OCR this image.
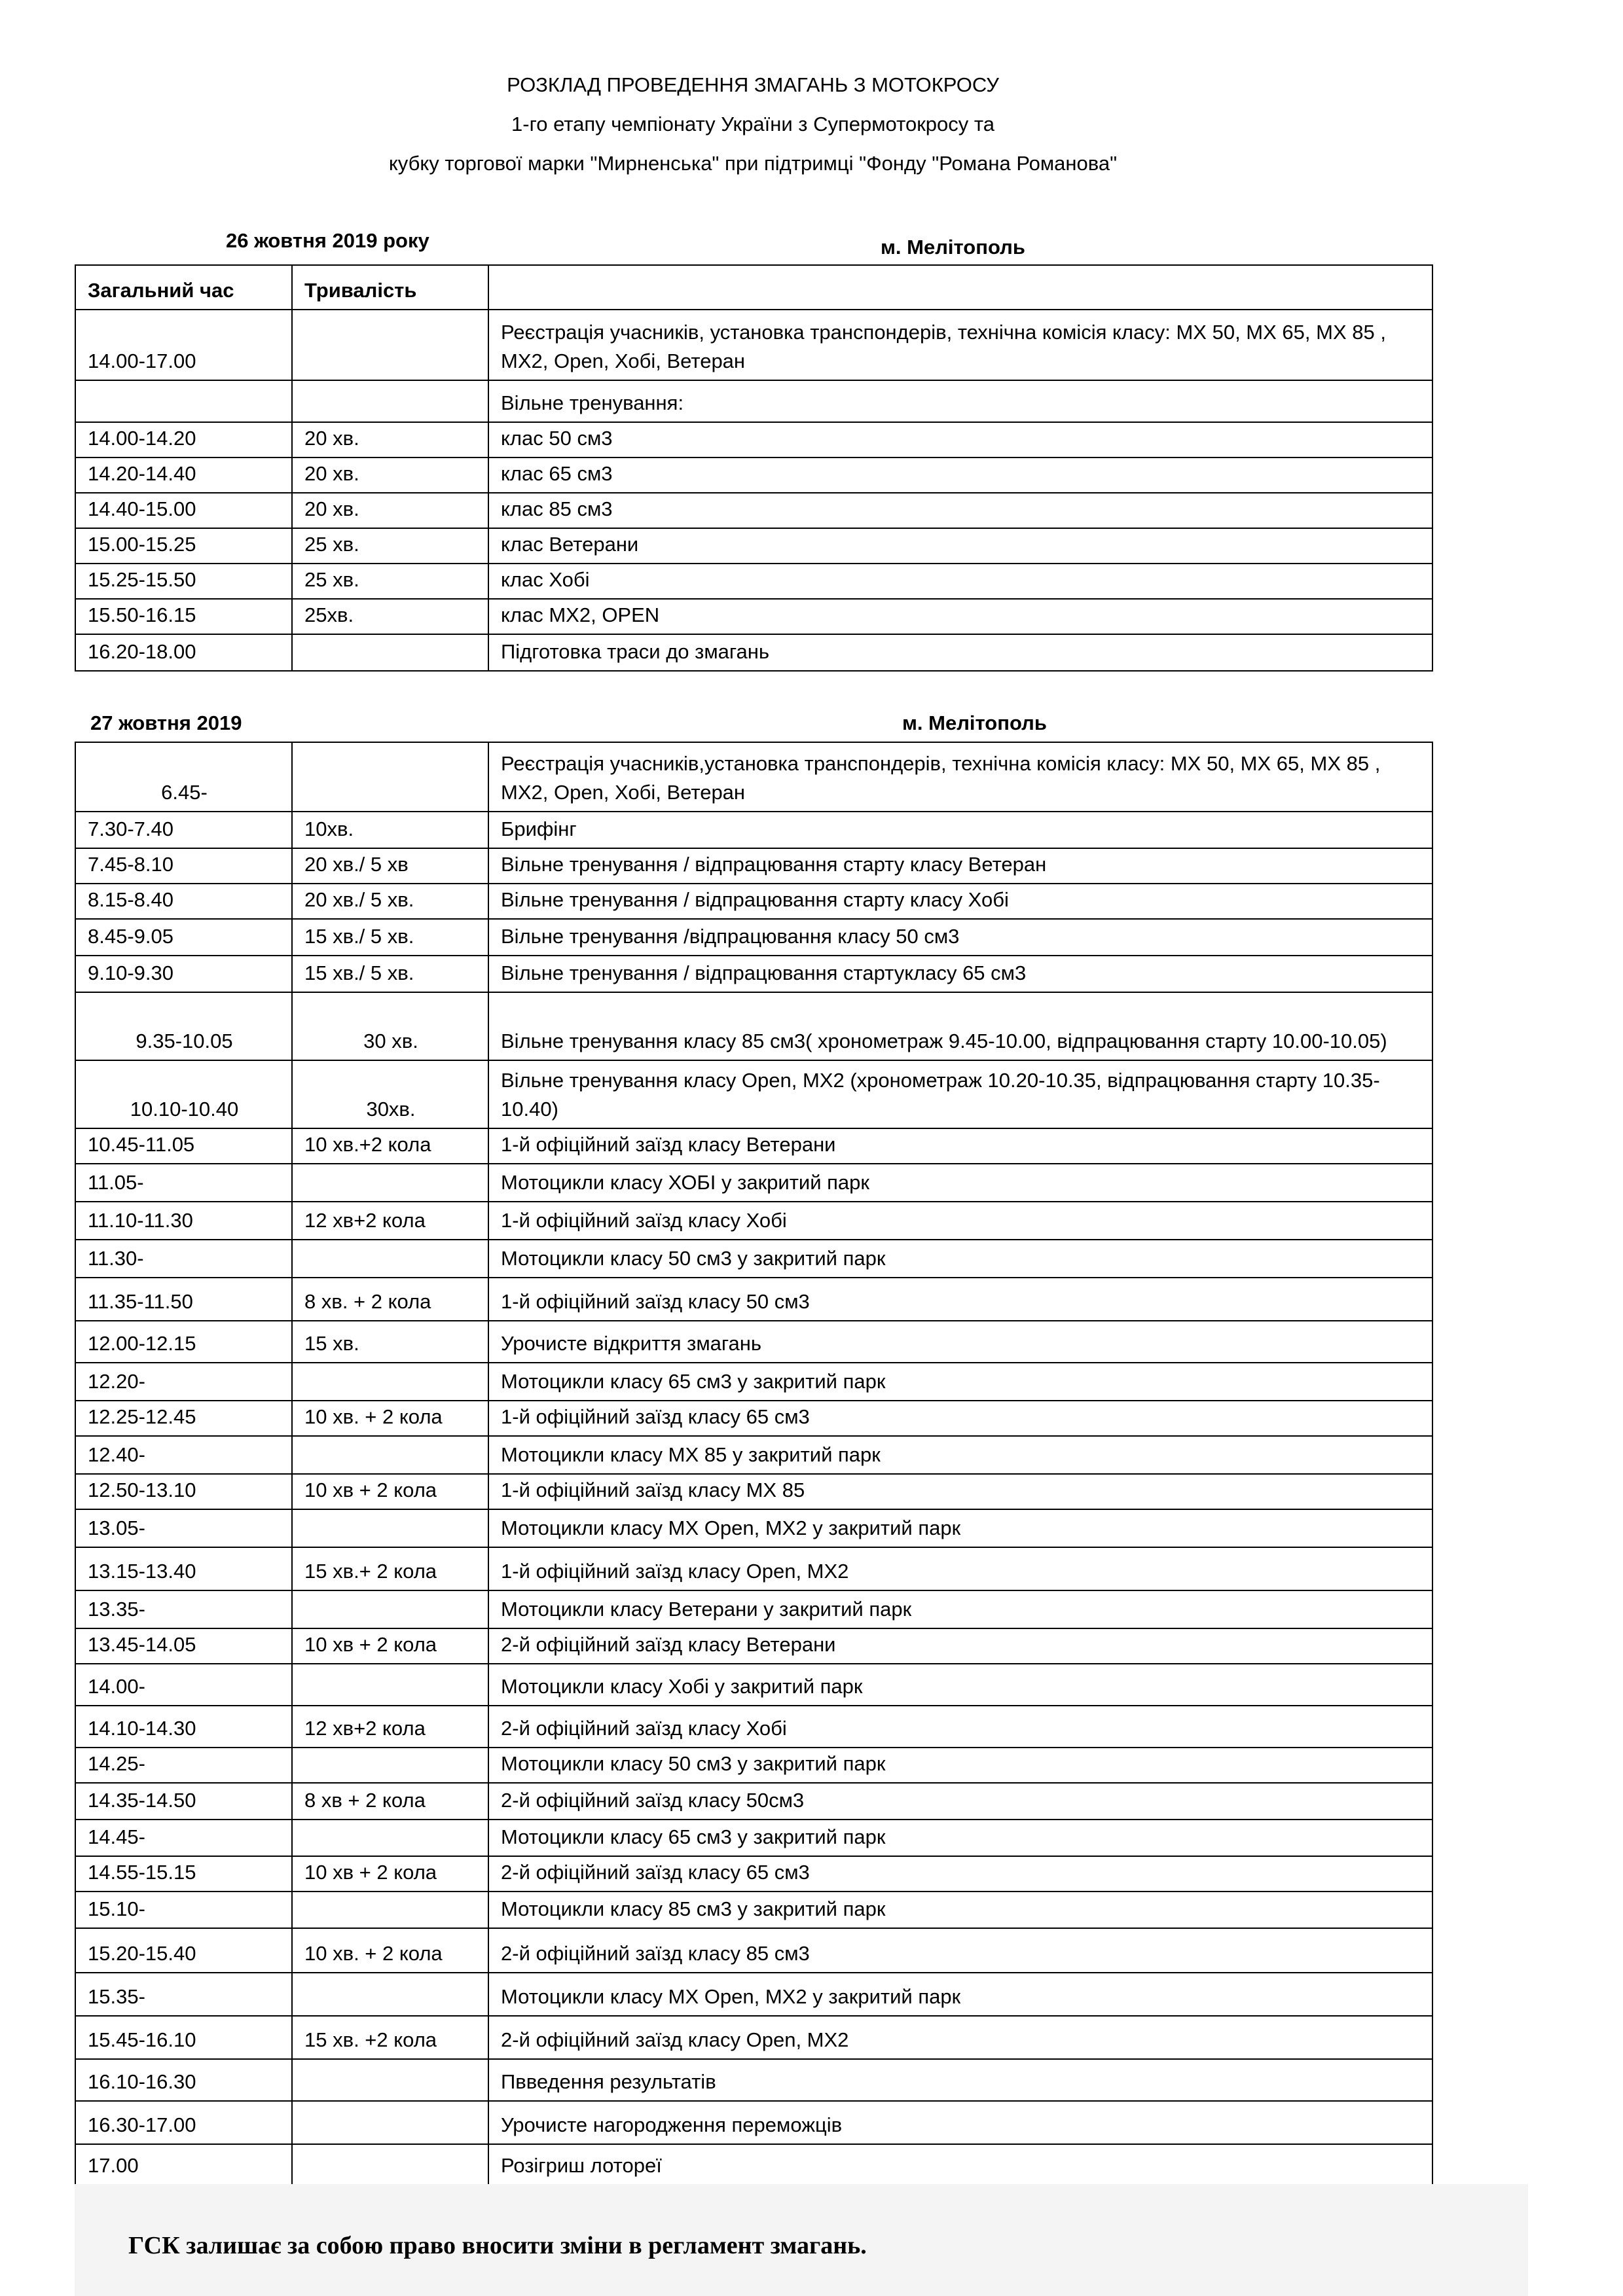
РОЗКЛАД ПРОВЕДЕННЯ ЗМАГАНЬ З МОТОКРОСУ
1-го етапу чемпіонату України з Супермотокросу та
кубку торгової марки "Мирненська" при підтримці "Фонду "Романа Романова"
26 жовтня 2019 року	м. Мелітополь
Загальний час	Тривалість	
14.00-17.00		Реєстрація учасників, установка транспондерів, технічна комісія класу: МХ 50, МХ 65, МХ 85 , МХ2, Open, Хобі, Ветеран
		Вільне тренування:
14.00-14.20	20 хв.	клас 50 см3
14.20-14.40	20 хв.	клас 65 см3
14.40-15.00	20 хв.	клас 85 см3
15.00-15.25	25 хв.	клас Ветерани
15.25-15.50	25 хв.	клас Хобі
15.50-16.15	25хв.	клас МХ2, OPEN
16.20-18.00		Підготовка траси до змагань
27 жовтня 2019	м. Мелітополь
6.45-		Реєстрація учасників,установка транспондерів, технічна комісія класу: МХ 50, МХ 65, МХ 85 , МХ2, Open, Хобі, Ветеран
7.30-7.40	10хв.	Брифінг
7.45-8.10	20 хв./ 5 хв	Вільне тренування / відпрацювання старту класу Ветеран
8.15-8.40	20 хв./ 5 хв.	Вільне тренування / відпрацювання старту класу Хобі
8.45-9.05	15 хв./ 5 хв.	Вільне тренування /відпрацювання класу 50 см3
9.10-9.30	15 хв./ 5 хв.	Вільне тренування / відпрацювання стартукласу 65 см3
9.35-10.05	30 хв.	Вільне тренування класу 85 см3( хронометраж 9.45-10.00, відпрацювання старту 10.00-10.05)
10.10-10.40	30хв.	Вільне тренування класу Open, МХ2 (хронометраж 10.20-10.35, відпрацювання старту 10.35-10.40)
10.45-11.05	10 хв.+2 кола	1-й офіційний заїзд класу Ветерани
11.05-		Мотоцикли класу ХОБІ у закритий парк
11.10-11.30	12 хв+2 кола	1-й офіційний заїзд класу Хобі
11.30-		Мотоцикли класу 50 см3 у закритий парк
11.35-11.50	8 хв. + 2 кола	1-й офіційний заїзд класу 50 см3
12.00-12.15	15 хв.	Урочисте відкриття змагань
12.20-		Мотоцикли класу 65 см3 у закритий парк
12.25-12.45	10 хв. + 2 кола	1-й офіційний заїзд класу 65 см3
12.40-		Мотоцикли класу МХ 85 у закритий парк
12.50-13.10	10 хв + 2 кола	1-й офіційний заїзд класу МХ 85
13.05-		Мотоцикли класу МХ Open, МХ2 у закритий парк
13.15-13.40	15 хв.+ 2 кола	1-й офіційний заїзд класу Open, МХ2
13.35-		Мотоцикли класу Ветерани у закритий парк
13.45-14.05	10 хв + 2 кола	2-й офіційний заїзд класу Ветерани
14.00-		Мотоцикли класу Хобі у закритий парк
14.10-14.30	12 хв+2 кола	2-й офіційний заїзд класу Хобі
14.25-		Мотоцикли класу 50 см3 у закритий парк
14.35-14.50	8 хв + 2 кола	2-й офіційний заїзд класу 50см3
14.45-		Мотоцикли класу 65 см3 у закритий парк
14.55-15.15	10 хв + 2 кола	2-й офіційний заїзд класу 65 см3
15.10-		Мотоцикли класу 85 см3 у закритий парк
15.20-15.40	10 хв. + 2 кола	2-й офіційний заїзд класу 85 см3
15.35-		Мотоцикли класу МХ Open, МХ2 у закритий парк
15.45-16.10	15 хв. +2 кола	2-й офіційний заїзд класу Open, МХ2
16.10-16.30		Пвведення результатів
16.30-17.00		Урочисте нагородження переможців
17.00		Розігриш лотореї
ГСК залишає за собою право вносити зміни в регламент змагань.
